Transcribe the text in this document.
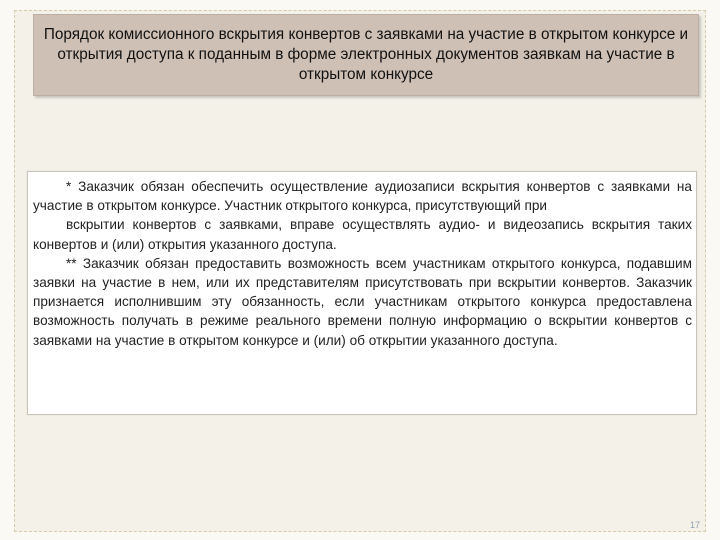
Порядок комиссионного вскрытия конвертов с заявками на участие в открытом конкурсе и открытия доступа к поданным в форме электронных документов заявкам на участие в открытом конкурсе

* Заказчик обязан обеспечить осуществление аудиозаписи вскрытия конвертов с заявками на участие в открытом конкурсе. Участник открытого конкурса, присутствующий при

вскрытии конвертов с заявками, вправе осуществлять аудио- и видеозапись вскрытия таких конвертов и (или) открытия указанного доступа.

** Заказчик обязан предоставить возможность всем участникам открытого конкурса, подавшим заявки на участие в нем, или их представителям присутствовать при вскрытии конвертов. Заказчик признается исполнившим эту обязанность, если участникам открытого конкурса предоставлена возможность получать в режиме реального времени полную информацию о вскрытии конвертов с заявками на участие в открытом конкурсе и (или) об открытии указанного доступа.

17
